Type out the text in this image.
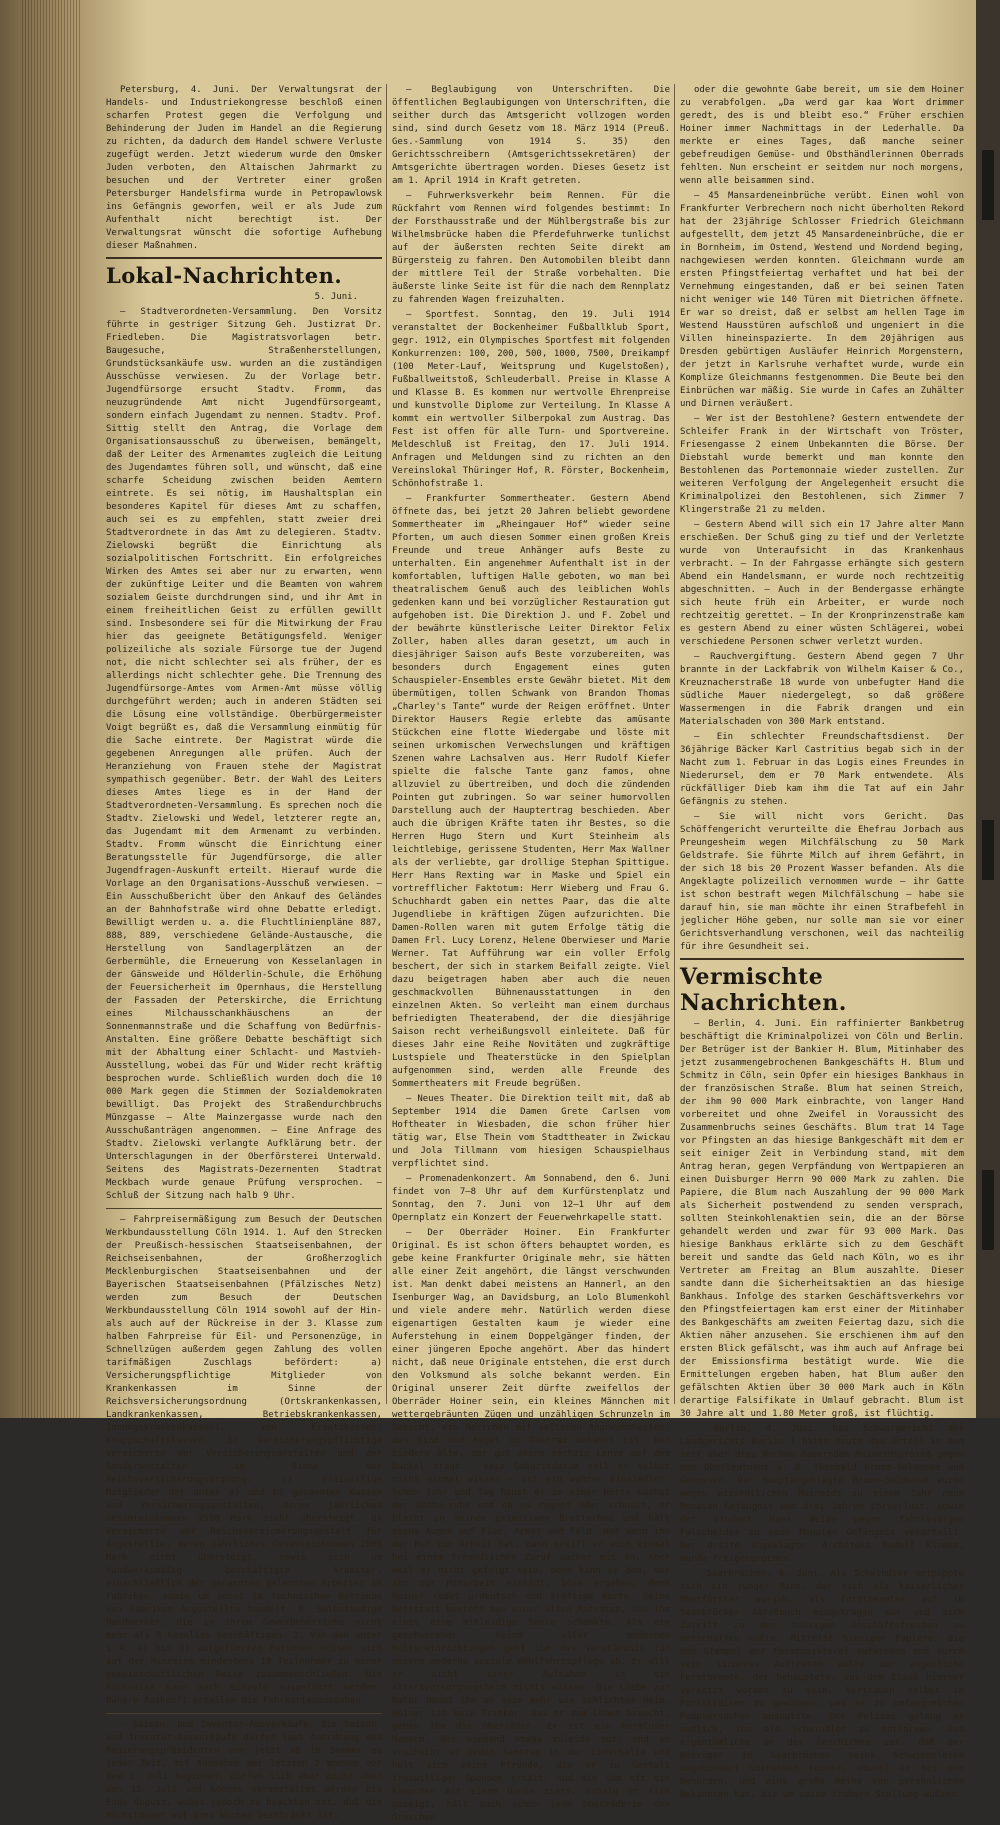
Petersburg, 4. Juni. Der Verwaltungsrat der Handels- und Industriekongresse beschloß einen scharfen Protest gegen die Verfolgung und Behinderung der Juden im Handel an die Regierung zu richten, da dadurch dem Handel schwere Verluste zugefügt werden. Jetzt wiederum wurde den Omsker Juden verboten, den Altaischen Jahrmarkt zu besuchen und der Vertreter einer großen Petersburger Handelsfirma wurde in Petropawlowsk ins Gefängnis geworfen, weil er als Jude zum Aufenthalt nicht berechtigt ist. Der Verwaltungsrat wünscht die sofortige Aufhebung dieser Maßnahmen.

Lokal-Nachrichten.
5. Juni.

— Stadtverordneten-Versammlung. Den Vorsitz führte in gestriger Sitzung Geh. Justizrat Dr. Friedleben. Die Magistratsvorlagen betr. Baugesuche, Straßenherstellungen, Grundstücksankäufe usw. wurden an die zuständigen Ausschüsse verwiesen. Zu der Vorlage betr. Jugendfürsorge ersucht Stadtv. Fromm, das neuzugründende Amt nicht Jugendfürsorgeamt, sondern einfach Jugendamt zu nennen. Stadtv. Prof. Sittig stellt den Antrag, die Vorlage dem Organisationsausschuß zu überweisen, bemängelt, daß der Leiter des Armenamtes zugleich die Leitung des Jugendamtes führen soll, und wünscht, daß eine scharfe Scheidung zwischen beiden Aemtern eintrete. Es sei nötig, im Haushaltsplan ein besonderes Kapitel für dieses Amt zu schaffen, auch sei es zu empfehlen, statt zweier drei Stadtverordnete in das Amt zu delegieren. Stadtv. Zielowski begrüßt die Einrichtung als sozialpolitischen Fortschritt. Ein erfolgreiches Wirken des Amtes sei aber nur zu erwarten, wenn der zukünftige Leiter und die Beamten von wahrem sozialem Geiste durchdrungen sind, und ihr Amt in einem freiheitlichen Geist zu erfüllen gewillt sind. Insbesondere sei für die Mitwirkung der Frau hier das geeignete Betätigungsfeld. Weniger polizeiliche als soziale Fürsorge tue der Jugend not, die nicht schlechter sei als früher, der es allerdings nicht schlechter gehe. Die Trennung des Jugendfürsorge-Amtes vom Armen-Amt müsse völlig durchgeführt werden; auch in anderen Städten sei die Lösung eine vollständige. Oberbürgermeister Voigt begrüßt es, daß die Versammlung einmütig für die Sache eintrete. Der Magistrat würde die gegebenen Anregungen alle prüfen. Auch der Heranziehung von Frauen stehe der Magistrat sympathisch gegenüber. Betr. der Wahl des Leiters dieses Amtes liege es in der Hand der Stadtverordneten-Versammlung. Es sprechen noch die Stadtv. Zielowski und Wedel, letzterer regte an, das Jugendamt mit dem Armenamt zu verbinden. Stadtv. Fromm wünscht die Einrichtung einer Beratungsstelle für Jugendfürsorge, die aller Jugendfragen-Auskunft erteilt. Hierauf wurde die Vorlage an den Organisations-Ausschuß verwiesen. — Ein Ausschußbericht über den Ankauf des Geländes an der Bahnhofstraße wird ohne Debatte erledigt. Bewilligt werden u. a. die Fluchtlinienpläne 887, 888, 889, verschiedene Gelände-Austausche, die Herstellung von Sandlagerplätzen an der Gerbermühle, die Erneuerung von Kesselanlagen in der Gänsweide und Hölderlin-Schule, die Erhöhung der Feuersicherheit im Opernhaus, die Herstellung der Fassaden der Peterskirche, die Errichtung eines Milchausschankhäuschens an der Sonnenmannstraße und die Schaffung von Bedürfnis-Anstalten. Eine größere Debatte beschäftigt sich mit der Abhaltung einer Schlacht- und Mastvieh-Ausstellung, wobei das Für und Wider recht kräftig besprochen wurde. Schließlich wurden doch die 10 000 Mark gegen die Stimmen der Sozialdemokraten bewilligt. Das Projekt des Straßendurchbruchs Münzgasse — Alte Mainzergasse wurde nach den Ausschußanträgen angenommen. — Eine Anfrage des Stadtv. Zielowski verlangte Aufklärung betr. der Unterschlagungen in der Oberförsterei Unterwald. Seitens des Magistrats-Dezernenten Stadtrat Meckbach wurde genaue Prüfung versprochen. — Schluß der Sitzung nach halb 9 Uhr.

— Fahrpreisermäßigung zum Besuch der Deutschen Werkbundausstellung Cöln 1914. 1. Auf den Strecken der Preußisch-hessischen Staatseisenbahnen, der Reichseisenbahnen, der Großherzoglich Mecklenburgischen Staatseisenbahnen und der Bayerischen Staatseisenbahnen (Pfälzisches Netz) werden zum Besuch der Deutschen Werkbundausstellung Cöln 1914 sowohl auf der Hin- als auch auf der Rückreise in der 3. Klasse zum halben Fahrpreise für Eil- und Personenzüge, in Schnellzügen außerdem gegen Zahlung des vollen tarifmäßigen Zuschlags befördert: a) Versicherungspflichtige Mitglieder von Krankenkassen im Sinne der Reichsversicherungsordnung (Ortskrankenkassen, Landkrankenkassen, Betriebskrankenkassen, Innungskrankenkassen), von Ersatzkassen, Knappschaftskassen. b) Versicherungspflichtige Versicherte der Versicherungsanstalten und der Sonderanstalten im Sinne der Reichsversicherungsordnung. c) Freiwillige Mitglieder der unter a) und b) genannten Kassen und Versicherungsanstalten, deren jährliches Gesamteinkommen 2500 Mark nicht übersteigt. d) Versicherte der Reichsversicherungsanstalt für Angestellte, deren jährliches Gesamteinkommen 2500 Mark nicht übersteigt, sowie sich um handwerksmäßig beschäftigte Arbeiter, einschließlich der genannten gelernten Arbeiter in Fabriken, sowie um sonst im technischen Betriebe von Fabriken Angestellte handelt. B. Selbständige Handwerker, die in ihrem Gewerbebetriebe nicht mehr als 8 Gesellen beschäftigen. 2. Von den unter 1 A. a) bis d) aufgeführten Personen müssen sich auf der Hinreise mindestens 10 Teilnehmer zu einer gemeinschaftlichen Reise zusammenschließen. Die Rückreise kann auch einzeln ausgeführt werden. Nähere Auskunft erteilen die Fahrkartenausgaben.

— Saison- und Inventur-Ausverkäufe. Die Saison- und Inventur-Ausverkäufe dürfen laut Anordnung des Regierungspräsidenten von jetzt ab im Sommer zu jeder Zeit, mit Ausnahme der letzten 2 Wochen vor dem 1. Juli beginnen, dürfen sich aber nicht über den 15. Juli und können veranstaltet werden bis Ende August, wobei jedoch zu beachten ist, daß die Höchstdauer auf drei Wochen beschränkt ist.

— Beglaubigung von Unterschriften. Die öffentlichen Beglaubigungen von Unterschriften, die seither durch das Amtsgericht vollzogen worden sind, sind durch Gesetz vom 18. März 1914 (Preuß. Ges.-Sammlung von 1914 S. 35) den Gerichtsschreibern (Amtsgerichtssekretären) der Amtsgerichte übertragen worden. Dieses Gesetz ist am 1. April 1914 in Kraft getreten.

— Fuhrwerksverkehr beim Rennen. Für die Rückfahrt vom Rennen wird folgendes bestimmt: In der Forsthausstraße und der Mühlbergstraße bis zur Wilhelmsbrücke haben die Pferdefuhrwerke tunlichst auf der äußersten rechten Seite direkt am Bürgersteig zu fahren. Den Automobilen bleibt dann der mittlere Teil der Straße vorbehalten. Die äußerste linke Seite ist für die nach dem Rennplatz zu fahrenden Wagen freizuhalten.

— Sportfest. Sonntag, den 19. Juli 1914 veranstaltet der Bockenheimer Fußballklub Sport, gegr. 1912, ein Olympisches Sportfest mit folgenden Konkurrenzen: 100, 200, 500, 1000, 7500, Dreikampf (100 Meter-Lauf, Weitsprung und Kugelstoßen), Fußballweitstoß, Schleuderball. Preise in Klasse A und Klasse B. Es kommen nur wertvolle Ehrenpreise und kunstvolle Diplome zur Verteilung. In Klasse A kommt ein wertvoller Silberpokal zum Austrag. Das Fest ist offen für alle Turn- und Sportvereine. Meldeschluß ist Freitag, den 17. Juli 1914. Anfragen und Meldungen sind zu richten an den Vereinslokal Thüringer Hof, R. Förster, Bockenheim, Schönhofstraße 1.

— Frankfurter Sommertheater. Gestern Abend öffnete das, bei jetzt 20 Jahren beliebt gewordene Sommertheater im „Rheingauer Hof“ wieder seine Pforten, um auch diesen Sommer einen großen Kreis Freunde und treue Anhänger aufs Beste zu unterhalten. Ein angenehmer Aufenthalt ist in der komfortablen, luftigen Halle geboten, wo man bei theatralischem Genuß auch des leiblichen Wohls gedenken kann und bei vorzüglicher Restauration gut aufgehoben ist. Die Direktion J. und F. Zobel und der bewährte künstlerische Leiter Direktor Felix Zoller, haben alles daran gesetzt, um auch in diesjähriger Saison aufs Beste vorzubereiten, was besonders durch Engagement eines guten Schauspieler-Ensembles erste Gewähr bietet. Mit dem übermütigen, tollen Schwank von Brandon Thomas „Charley's Tante“ wurde der Reigen eröffnet. Unter Direktor Hausers Regie erlebte das amüsante Stückchen eine flotte Wiedergabe und löste mit seinen urkomischen Verwechslungen und kräftigen Szenen wahre Lachsalven aus. Herr Rudolf Kiefer spielte die falsche Tante ganz famos, ohne allzuviel zu übertreiben, und doch die zündenden Pointen gut zubringen. So war seiner humorvollen Darstellung auch der Hauptertrag beschieden. Aber auch die übrigen Kräfte taten ihr Bestes, so die Herren Hugo Stern und Kurt Steinheim als leichtlebige, gerissene Studenten, Herr Max Wallner als der verliebte, gar drollige Stephan Spittigue. Herr Hans Rexting war in Maske und Spiel ein vortrefflicher Faktotum: Herr Wieberg und Frau G. Schuchhardt gaben ein nettes Paar, das die alte Jugendliebe in kräftigen Zügen aufzurichten. Die Damen-Rollen waren mit gutem Erfolge tätig die Damen Frl. Lucy Lorenz, Helene Oberwieser und Marie Werner. Tat Aufführung war ein voller Erfolg beschert, der sich in starkem Beifall zeigte. Viel dazu beigetragen haben aber auch die neuen geschmackvollen Bühnenausstattungen in den einzelnen Akten. So verleiht man einem durchaus befriedigten Theaterabend, der die diesjährige Saison recht verheißungsvoll einleitete. Daß für dieses Jahr eine Reihe Novitäten und zugkräftige Lustspiele und Theaterstücke in den Spielplan aufgenommen sind, werden alle Freunde des Sommertheaters mit Freude begrüßen.

— Neues Theater. Die Direktion teilt mit, daß ab September 1914 die Damen Grete Carlsen vom Hoftheater in Wiesbaden, die schon früher hier tätig war, Else Thein vom Stadttheater in Zwickau und Jola Tillmann vom hiesigen Schauspielhaus verpflichtet sind.

— Promenadenkonzert. Am Sonnabend, den 6. Juni findet von 7—8 Uhr auf dem Kurfürstenplatz und Sonntag, den 7. Juni von 12—1 Uhr auf dem Opernplatz ein Konzert der Feuerwehrkapelle statt.

— Der Oberräder Hoiner. Ein Frankfurter Original. Es ist schon öfters behauptet worden, es gebe keine Frankfurter Originale mehr, sie hätten alle einer Zeit angehört, die längst verschwunden ist. Man denkt dabei meistens an Hannerl, an den Isenburger Wag, an Davidsburg, an Lolo Blumenkohl und viele andere mehr. Natürlich werden diese eigenartigen Gestalten kaum je wieder eine Auferstehung in einem Doppelgänger finden, der einer jüngeren Epoche angehört. Aber das hindert nicht, daß neue Originale entstehen, die erst durch den Volksmund als solche bekannt werden. Ein Original unserer Zeit dürfte zweifellos der Oberräder Hoiner sein, ein kleines Männchen mit wettergebräunten Zügen und unzähligen Schrunzeln im Gesicht, ein Herrchen mit seltenen Angewohnheiten, das Kind und Kegel in Oberrad bekannt ist. Der biedere Alte, der gut seine sechzig Lenze auf dem Buckel trägt — sein Geburtsdatum soll er selbst nicht einmal wissen — ist ein wahrer Einsiedler. Schon Jahr und Tag haust er in einer Hütte nächst der Gothe-ruhe und ob es regnet oder schneit, er bleibt in seinem primitiven Bretterbau und hält seine Augen auf Flur, Acker und Feld. Nur wenn ihn der Ruf zur Arbeit hat, dann greift er auch einmal bei einem freundlichen Zuruf wacker mit an. Aber weil er nicht gefolgt sein, denn kann es dem, der ihn zur Mitarbeit einlädt, böse ergehen, denn Hoiner redet urdeutsch und kräftige Worte. Seine Bettstatt besteht aus einer alten Matratze, die ihm einst eine mitleidige Seele schenkte. Als ein geschworener Feind aller modernen Kultureinrichtungen geht ihm das Verständnis für unsere moderne soziale Wohlfahrtspflege ab. Er will er nicht einer Aufnahme in ein Altersversorgungsheim nichts wissen. Die Liebe zur Natur bannt ihn an sein mehr wie schlichtes Heim. Hoiner ist kein Trinker. Was er zum Leben braucht, geben ihm die Oberräder. Er ist ein harmloser Mensch, der niemand etwas zuleide tut, und so erscheint er jeden Samstag in der Lederhalle und holt sich seine Pfründe, die er in Gestalt freiwilliger Spenden erhält, und die ihm oft ein Käppchen mit einem Danke ziert. Sobald er sich gezeigt, hält auch schon jede Oberräderin den Groschen

oder die gewohnte Gabe bereit, um sie dem Hoiner zu verabfolgen. „Da werd gar kaa Wort drimmer geredt, des is und bleibt eso.“ Früher erschien Hoiner immer Nachmittags in der Lederhalle. Da merkte er eines Tages, daß manche seiner gebefreudigen Gemüse- und Obsthändlerinnen Oberrads fehlten. Nun erscheint er seitdem nur noch morgens, wenn alle beisammen sind.

— 45 Mansardeneinbrüche verübt. Einen wohl von Frankfurter Verbrechern noch nicht überholten Rekord hat der 23jährige Schlosser Friedrich Gleichmann aufgestellt, dem jetzt 45 Mansardeneinbrüche, die er in Bornheim, im Ostend, Westend und Nordend beging, nachgewiesen werden konnten. Gleichmann wurde am ersten Pfingstfeiertag verhaftet und hat bei der Vernehmung eingestanden, daß er bei seinen Taten nicht weniger wie 140 Türen mit Dietrichen öffnete. Er war so dreist, daß er selbst am hellen Tage im Westend Hausstüren aufschloß und ungeniert in die Villen hineinspazierte. In dem 20jährigen aus Dresden gebürtigen Ausläufer Heinrich Morgenstern, der jetzt in Karlsruhe verhaftet wurde, wurde ein Komplize Gleichmanns festgenommen. Die Beute bei den Einbrüchen war mäßig. Sie wurde in Cafes an Zuhälter und Dirnen veräußert.

— Wer ist der Bestohlene? Gestern entwendete der Schleifer Frank in der Wirtschaft von Tröster, Friesengasse 2 einem Unbekannten die Börse. Der Diebstahl wurde bemerkt und man konnte den Bestohlenen das Portemonnaie wieder zustellen. Zur weiteren Verfolgung der Angelegenheit ersucht die Kriminalpolizei den Bestohlenen, sich Zimmer 7 Klingerstraße 21 zu melden.

— Gestern Abend will sich ein 17 Jahre alter Mann erschießen. Der Schuß ging zu tief und der Verletzte wurde von Unteraufsicht in das Krankenhaus verbracht. — In der Fahrgasse erhängte sich gestern Abend ein Handelsmann, er wurde noch rechtzeitig abgeschnitten. — Auch in der Bendergasse erhängte sich heute früh ein Arbeiter, er wurde noch rechtzeitig gerettet. — In der Kronprinzenstraße kam es gestern Abend zu einer wüsten Schlägerei, wobei verschiedene Personen schwer verletzt wurden.

— Rauchvergiftung. Gestern Abend gegen 7 Uhr brannte in der Lackfabrik von Wilhelm Kaiser & Co., Kreuznacherstraße 18 wurde von unbefugter Hand die südliche Mauer niedergelegt, so daß größere Wassermengen in die Fabrik drangen und ein Materialschaden von 300 Mark entstand.

— Ein schlechter Freundschaftsdienst. Der 36jährige Bäcker Karl Castritius begab sich in der Nacht zum 1. Februar in das Logis eines Freundes in Niederursel, dem er 70 Mark entwendete. Als rückfälliger Dieb kam ihm die Tat auf ein Jahr Gefängnis zu stehen.

— Sie will nicht vors Gericht. Das Schöffengericht verurteilte die Ehefrau Jorbach aus Preungesheim wegen Milchfälschung zu 50 Mark Geldstrafe. Sie führte Milch auf ihrem Gefährt, in der sich 18 bis 20 Prozent Wasser befanden. Als die Angeklagte polizeilich vernommen wurde — ihr Gatte ist schon bestraft wegen Milchfälschung — habe sie darauf hin, sie man möchte ihr einen Strafbefehl in jeglicher Höhe geben, nur solle man sie vor einer Gerichtsverhandlung verschonen, weil das nachteilig für ihre Gesundheit sei.

Vermischte Nachrichten.

— Berlin, 4. Juni. Ein raffinierter Bankbetrug beschäftigt die Kriminalpolizei von Cöln und Berlin. Der Betrüger ist der Bankier H. Blum, Mitinhaber des jetzt zusammengebrochenen Bankgeschäfts H. Blum und Schmitz in Cöln, sein Opfer ein hiesiges Bankhaus in der französischen Straße. Blum hat seinen Streich, der ihm 90 000 Mark einbrachte, von langer Hand vorbereitet und ohne Zweifel in Voraussicht des Zusammenbruchs seines Geschäfts. Blum trat 14 Tage vor Pfingsten an das hiesige Bankgeschäft mit dem er seit einiger Zeit in Verbindung stand, mit dem Antrag heran, gegen Verpfändung von Wertpapieren an einen Duisburger Herrn 90 000 Mark zu zahlen. Die Papiere, die Blum nach Auszahlung der 90 000 Mark als Sicherheit postwendend zu senden versprach, sollten Steinkohlenaktien sein, die an der Börse gehandelt werden und zwar für 93 000 Mark. Das hiesige Bankhaus erklärte sich zu dem Geschäft bereit und sandte das Geld nach Köln, wo es ihr Vertreter am Freitag an Blum auszahlte. Dieser sandte dann die Sicherheitsaktien an das hiesige Bankhaus. Infolge des starken Geschäftsverkehrs vor den Pfingstfeiertagen kam erst einer der Mitinhaber des Bankgeschäfts am zweiten Feiertag dazu, sich die Aktien näher anzusehen. Sie erschienen ihm auf den ersten Blick gefälscht, was ihm auch auf Anfrage bei der Emissionsfirma bestätigt wurde. Wie die Ermittelungen ergeben haben, hat Blum außer den gefälschten Aktien über 30 000 Mark auch in Köln derartige Falsifikate in Umlauf gebracht. Blum ist 30 Jahre alt und 1.80 Meter groß, ist flüchtig.

— Berlin, 4. Juni. Das Schwurgericht des Landgerichts Berlin 1 hatte heute das Urteil in dem seit über drei Wochen dauernden Meineidsprozeß gegen den Oberleutnant a. D. Theobald Brumm-Seldened und Genossen. Der Hauptangeklagte Brumm-Seldened wurde wegen wissentlichen Meineids zu einem Jahr neun Monaten Gefängnis und drei Jahren Ehrverlust, sowie der Student Hans Weide wegen fahrlässigen Falscheides zu neun Monaten Gefängnis verurteilt. Der dritte Angeklagte, Architekt Rudolf Klemke, wurde freigesprochen.

— Saarbrücken, 4. Juni. Als Schwindler entpuppte sich ein junger Mann, der sich als kaiserlicher Oberförster ausgab, als Forstbeamter auf im Saarbrücker Abreßbuch eingetragen war und sich Zutritt zu den hiesigen Geschäftsfreisen zu verschaffen wußte. Mittelst hiesiger Papiere, die den Stempel der Forstmeisterei aufwiesen und durch sein sicheres Auftreten wußte der angebliche Forstbeamte, der behauptete, aus dem Elsaß hierher versetzt worden zu sein, Vertrauen selbst in Forstkreisen zu gewinnen, was er zu umfangreichen Pumpversuchen ausnutzte. Der Polizei gelang es endlich, ihn als Schwindler zu entlarven. Das eigentümliche an der Geschichte ist, daß der Betrüger in Saarbrücken seine Schwindeleien ungehindert vornehmen konnte, obwohl er bei den Behörden, und eine große Reihe von persönlichen Bekannten hat, die um seine frühere Stellung wußten.
